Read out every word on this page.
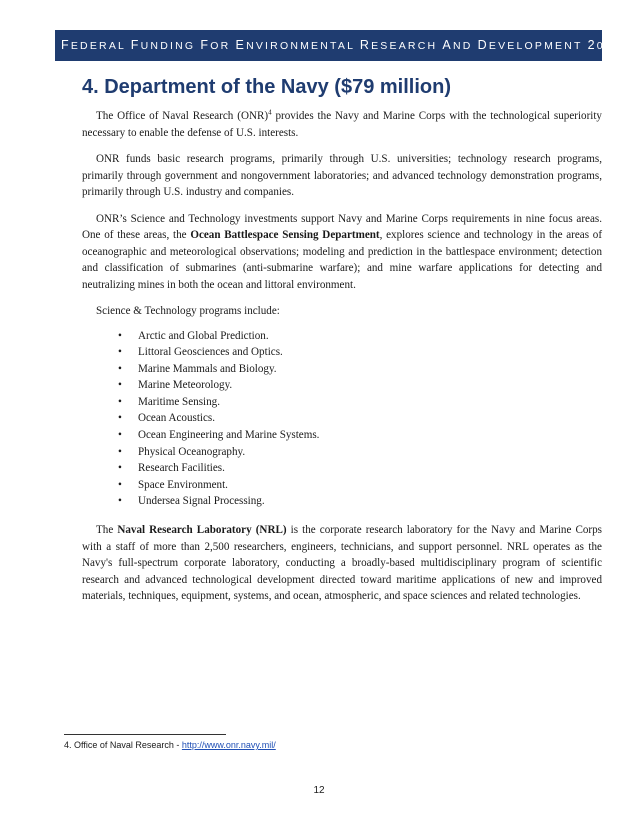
FEDERAL FUNDING FOR ENVIRONMENTAL RESEARCH AND DEVELOPMENT 2014
4. Department of the Navy ($79 million)

The Office of Naval Research (ONR)$^4$ provides the Navy and Marine Corps with the technological superiority necessary to enable the defense of U.S. interests.

ONR funds basic research programs, primarily through U.S. universities; technology research programs, primarily through government and nongovernment laboratories; and advanced technology demonstration programs, primarily through U.S. industry and companies.

ONR’s Science and Technology investments support Navy and Marine Corps requirements in nine focus areas. One of these areas, the Ocean Battlespace Sensing Department, explores science and technology in the areas of oceanographic and meteorological observations; modeling and prediction in the battlespace environment; detection and classification of submarines (anti-submarine warfare); and mine warfare applications for detecting and neutralizing mines in both the ocean and littoral environment.

Science & Technology programs include:

• Arctic and Global Prediction.
• Littoral Geosciences and Optics.
• Marine Mammals and Biology.
• Marine Meteorology.
• Maritime Sensing.
• Ocean Acoustics.
• Ocean Engineering and Marine Systems.
• Physical Oceanography.
• Research Facilities.
• Space Environment.
• Undersea Signal Processing.

The Naval Research Laboratory (NRL) is the corporate research laboratory for the Navy and Marine Corps with a staff of more than 2,500 researchers, engineers, technicians, and support personnel. NRL operates as the Navy's full-spectrum corporate laboratory, conducting a broadly-based multidisciplinary program of scientific research and advanced technological development directed toward maritime applications of new and improved materials, techniques, equipment, systems, and ocean, atmospheric, and space sciences and related technologies.

4. Office of Naval Research - http://www.onr.navy.mil/
12
